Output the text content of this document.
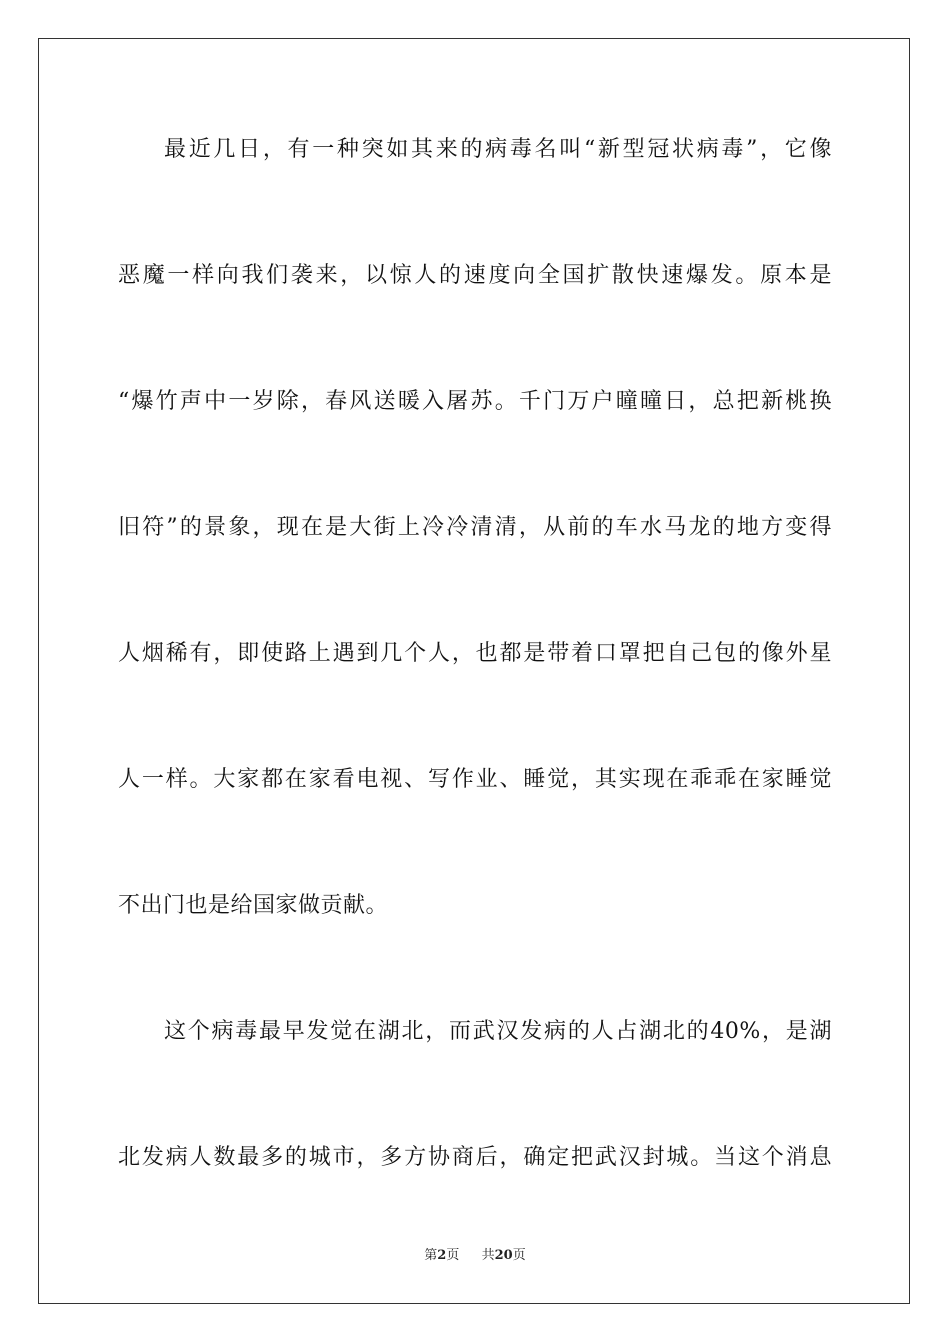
最近几日，有一种突如其来的病毒名叫“新型冠状病毒”，它像
恶魔一样向我们袭来，以惊人的速度向全国扩散快速爆发。原本是
“爆竹声中一岁除，春风送暖入屠苏。千门万户曈曈日，总把新桃换
旧符”的景象，现在是大街上冷冷清清，从前的车水马龙的地方变得
人烟稀有，即使路上遇到几个人，也都是带着口罩把自己包的像外星
人一样。大家都在家看电视、写作业、睡觉，其实现在乖乖在家睡觉
不出门也是给国家做贡献。
这个病毒最早发觉在湖北，而武汉发病的人占湖北的40%，是湖
北发病人数最多的城市，多方协商后，确定把武汉封城。当这个消息
第2页 共20页
